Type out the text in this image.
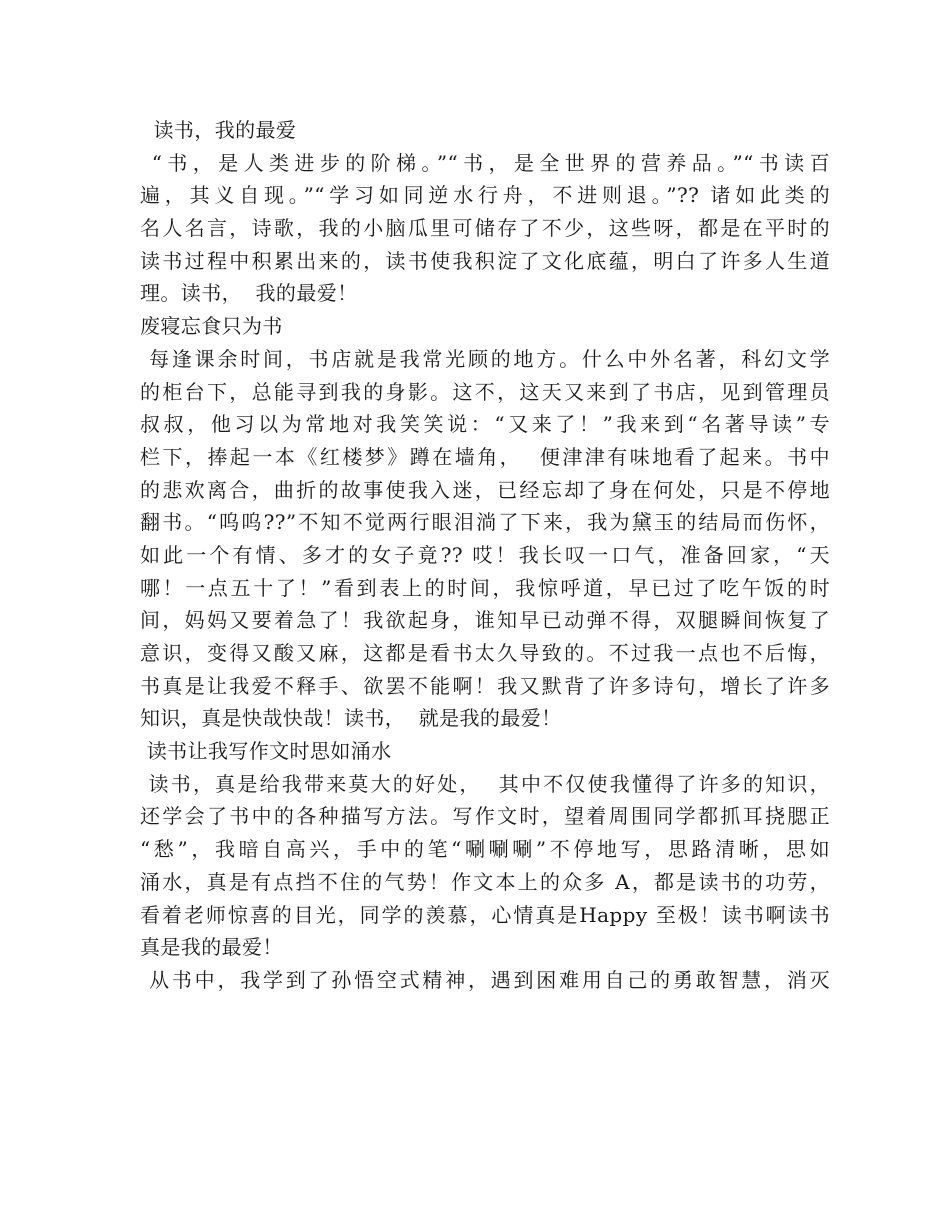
读书，我的最爱
“书，是人类进步的阶梯。”“书，是全世界的营养品。”“书读百
遍，其义自现。”“学习如同逆水行舟，不进则退。”?? 诸如此类的
名人名言，诗歌，我的小脑瓜里可储存了不少，这些呀，都是在平时的
读书过程中积累出来的，读书使我积淀了文化底蕴，明白了许多人生道
理。读书，  我的最爱！
废寝忘食只为书
每逢课余时间，书店就是我常光顾的地方。什么中外名著，科幻文学
的柜台下，总能寻到我的身影。这不，这天又来到了书店，见到管理员
叔叔，他习以为常地对我笑笑说：“又来了！”我来到“名著导读”专
栏下，捧起一本《红楼梦》蹲在墙角，  便津津有味地看了起来。书中
的悲欢离合，曲折的故事使我入迷，已经忘却了身在何处，只是不停地
翻书。“呜呜??”不知不觉两行眼泪淌了下来，我为黛玉的结局而伤怀，
如此一个有情、多才的女子竟?? 哎！我长叹一口气，准备回家，“天
哪！一点五十了！”看到表上的时间，我惊呼道，早已过了吃午饭的时
间，妈妈又要着急了！我欲起身，谁知早已动弹不得，双腿瞬间恢复了
意识，变得又酸又麻，这都是看书太久导致的。不过我一点也不后悔，
书真是让我爱不释手、欲罢不能啊！我又默背了许多诗句，增长了许多
知识，真是快哉快哉！读书，  就是我的最爱！
读书让我写作文时思如涌水
读书，真是给我带来莫大的好处，  其中不仅使我懂得了许多的知识，
还学会了书中的各种描写方法。写作文时，望着周围同学都抓耳挠腮正
“愁”，我暗自高兴，手中的笔“唰唰唰”不停地写，思路清晰，思如
涌水，真是有点挡不住的气势！作文本上的众多 A，都是读书的功劳，
看着老师惊喜的目光，同学的羡慕，心情真是Happy 至极！读书啊读书
真是我的最爱！
从书中，我学到了孙悟空式精神，遇到困难用自己的勇敢智慧，消灭
